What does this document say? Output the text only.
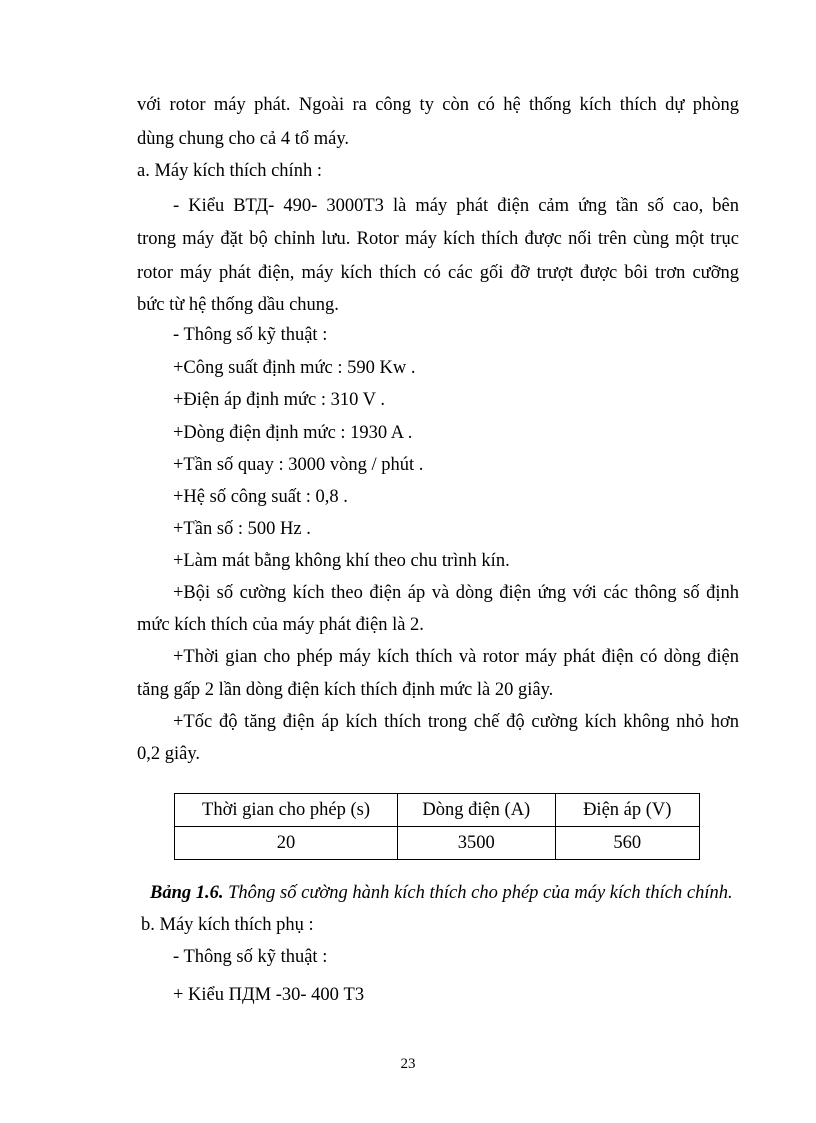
với rotor máy phát. Ngoài ra công ty còn có hệ thống kích thích dự phòng
dùng chung cho cả 4 tổ máy.
a. Máy kích thích chính :
- Kiểu ВТД- 490- 3000Т3 là máy phát điện cảm ứng tần số cao, bên
trong máy đặt bộ chỉnh lưu. Rotor máy kích thích được nối trên cùng một trục
rotor máy phát điện, máy kích thích có các gối đỡ trượt được bôi trơn cưỡng
bức từ hệ thống dầu chung.
- Thông số kỹ thuật :
+Công suất định mức : 590 Kw .
+Điện áp định mức : 310 V .
+Dòng điện định mức : 1930 A .
+Tần số quay : 3000 vòng / phút .
+Hệ số công suất : 0,8 .
+Tần số : 500 Hz .
+Làm mát bằng không khí theo chu trình kín.
+Bội số cường kích theo điện áp và dòng điện ứng với các thông số định
mức kích thích của máy phát điện là 2.
+Thời gian cho phép máy kích thích và rotor máy phát điện có dòng điện
tăng gấp 2 lần dòng điện kích thích định mức là 20 giây.
+Tốc độ tăng điện áp kích thích trong chế độ cường kích không nhỏ hơn
0,2 giây.
Thời gian cho phép (s)	Dòng điện (A)	Điện áp (V)
20	3500	560
Bảng 1.6. Thông số cường hành kích thích cho phép của máy kích thích chính.
b. Máy kích thích phụ :
- Thông số kỹ thuật :
+ Kiểu ПДМ -30- 400 Т3
23
